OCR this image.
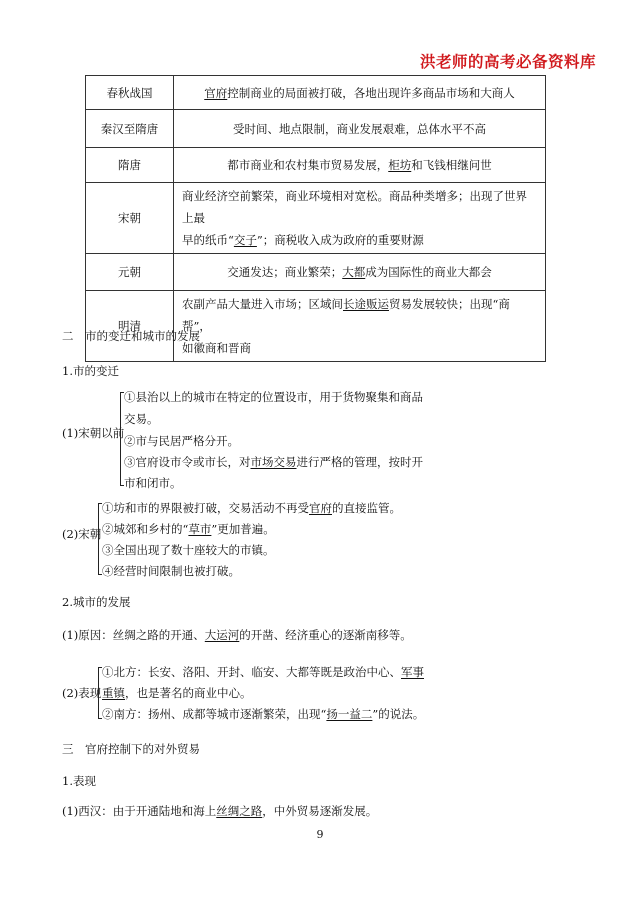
洪老师的高考必备资料库
春秋战国	官府控制商业的局面被打破，各地出现许多商品市场和大商人

秦汉至隋唐	受时间、地点限制，商业发展艰难，总体水平不高

隋唐	都市商业和农村集市贸易发展，柜坊和飞钱相继问世

宋朝	商业经济空前繁荣，商业环境相对宽松。商品种类增多；出现了世界上最
早的纸币“交子”；商税收入成为政府的重要财源

元朝	交通发达；商业繁荣；大都成为国际性的商业大都会

明清	农副产品大量进入市场；区域间长途贩运贸易发展较快；出现“商帮”，
如徽商和晋商
二　市的变迁和城市的发展
1.市的变迁
(1)宋朝以前
①县治以上的城市在特定的位置设市，用于货物聚集和商品
交易。
②市与民居严格分开。
③官府设市令或市长，对市场交易进行严格的管理，按时开
市和闭市。
(2)宋朝
①坊和市的界限被打破，交易活动不再受官府的直接监管。
②城郊和乡村的“草市”更加普遍。
③全国出现了数十座较大的市镇。
④经营时间限制也被打破。
2.城市的发展
(1)原因：丝绸之路的开通、大运河的开凿、经济重心的逐渐南移等。
(2)表现
①北方：长安、洛阳、开封、临安、大都等既是政治中心、军事
重镇，也是著名的商业中心。
②南方：扬州、成都等城市逐渐繁荣，出现“扬一益二”的说法。
三　官府控制下的对外贸易
1.表现
(1)西汉：由于开通陆地和海上丝绸之路，中外贸易逐渐发展。
9
